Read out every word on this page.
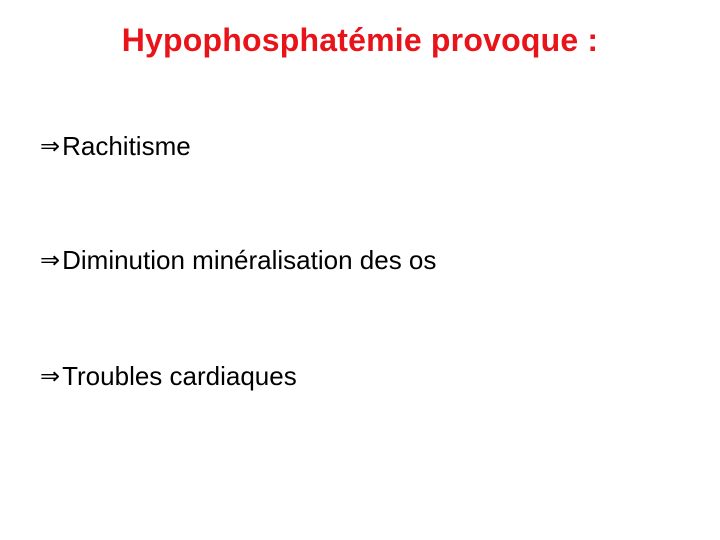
Hypophosphatémie provoque :
⇒ Rachitisme
⇒ Diminution minéralisation des os
⇒ Troubles cardiaques
